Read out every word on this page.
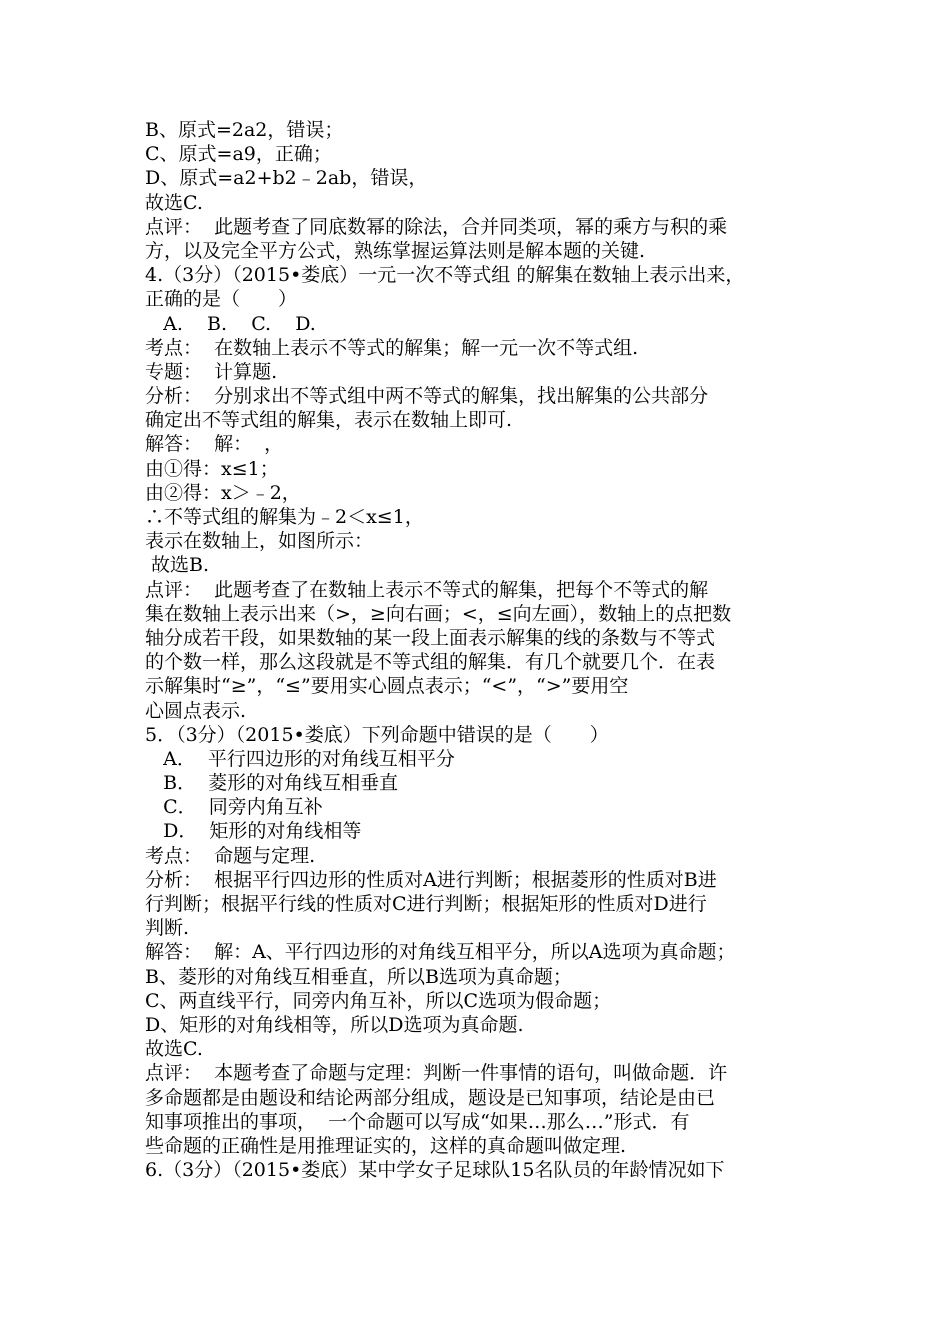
B、原式=2a2，错误；
C、原式=a9，正确；
D、原式=a2+b2﹣2ab，错误，
故选C.
点评：  此题考查了同底数幂的除法，合并同类项，幂的乘方与积的乘
方，以及完全平方公式，熟练掌握运算法则是解本题的关键.
4.（3分）（2015•娄底）一元一次不等式组 的解集在数轴上表示出来，
正确的是（　　）
A.    B.    C.    D.
考点：  在数轴上表示不等式的解集；解一元一次不等式组.
专题：  计算题.
分析：  分别求出不等式组中两不等式的解集，找出解集的公共部分
确定出不等式组的解集，表示在数轴上即可.
解答：  解：  ，
由①得：x≤1；
由②得：x＞﹣2，
∴不等式组的解集为﹣2＜x≤1，
表示在数轴上，如图所示：
故选B.
点评：  此题考查了在数轴上表示不等式的解集，把每个不等式的解
集在数轴上表示出来（>，≥向右画；<，≤向左画），数轴上的点把数
轴分成若干段，如果数轴的某一段上面表示解集的线的条数与不等式
的个数一样，那么这段就是不等式组的解集．有几个就要几个．在表
示解集时“≥”，“≤”要用实心圆点表示；“<”，“>”要用空
心圆点表示.
5．（3分）（2015•娄底）下列命题中错误的是（　　）
A．  平行四边形的对角线互相平分
B．  菱形的对角线互相垂直
C．  同旁内角互补
D．  矩形的对角线相等
考点：  命题与定理.
分析：  根据平行四边形的性质对A进行判断；根据菱形的性质对B进
行判断；根据平行线的性质对C进行判断；根据矩形的性质对D进行
判断.
解答：  解：A、平行四边形的对角线互相平分，所以A选项为真命题；
B、菱形的对角线互相垂直，所以B选项为真命题；
C、两直线平行，同旁内角互补，所以C选项为假命题；
D、矩形的对角线相等，所以D选项为真命题.
故选C.
点评：  本题考查了命题与定理：判断一件事情的语句，叫做命题．许
多命题都是由题设和结论两部分组成，题设是已知事项，结论是由已
知事项推出的事项，  一个命题可以写成“如果…那么…”形式．有
些命题的正确性是用推理证实的，这样的真命题叫做定理.
6.（3分）（2015•娄底）某中学女子足球队15名队员的年龄情况如下
